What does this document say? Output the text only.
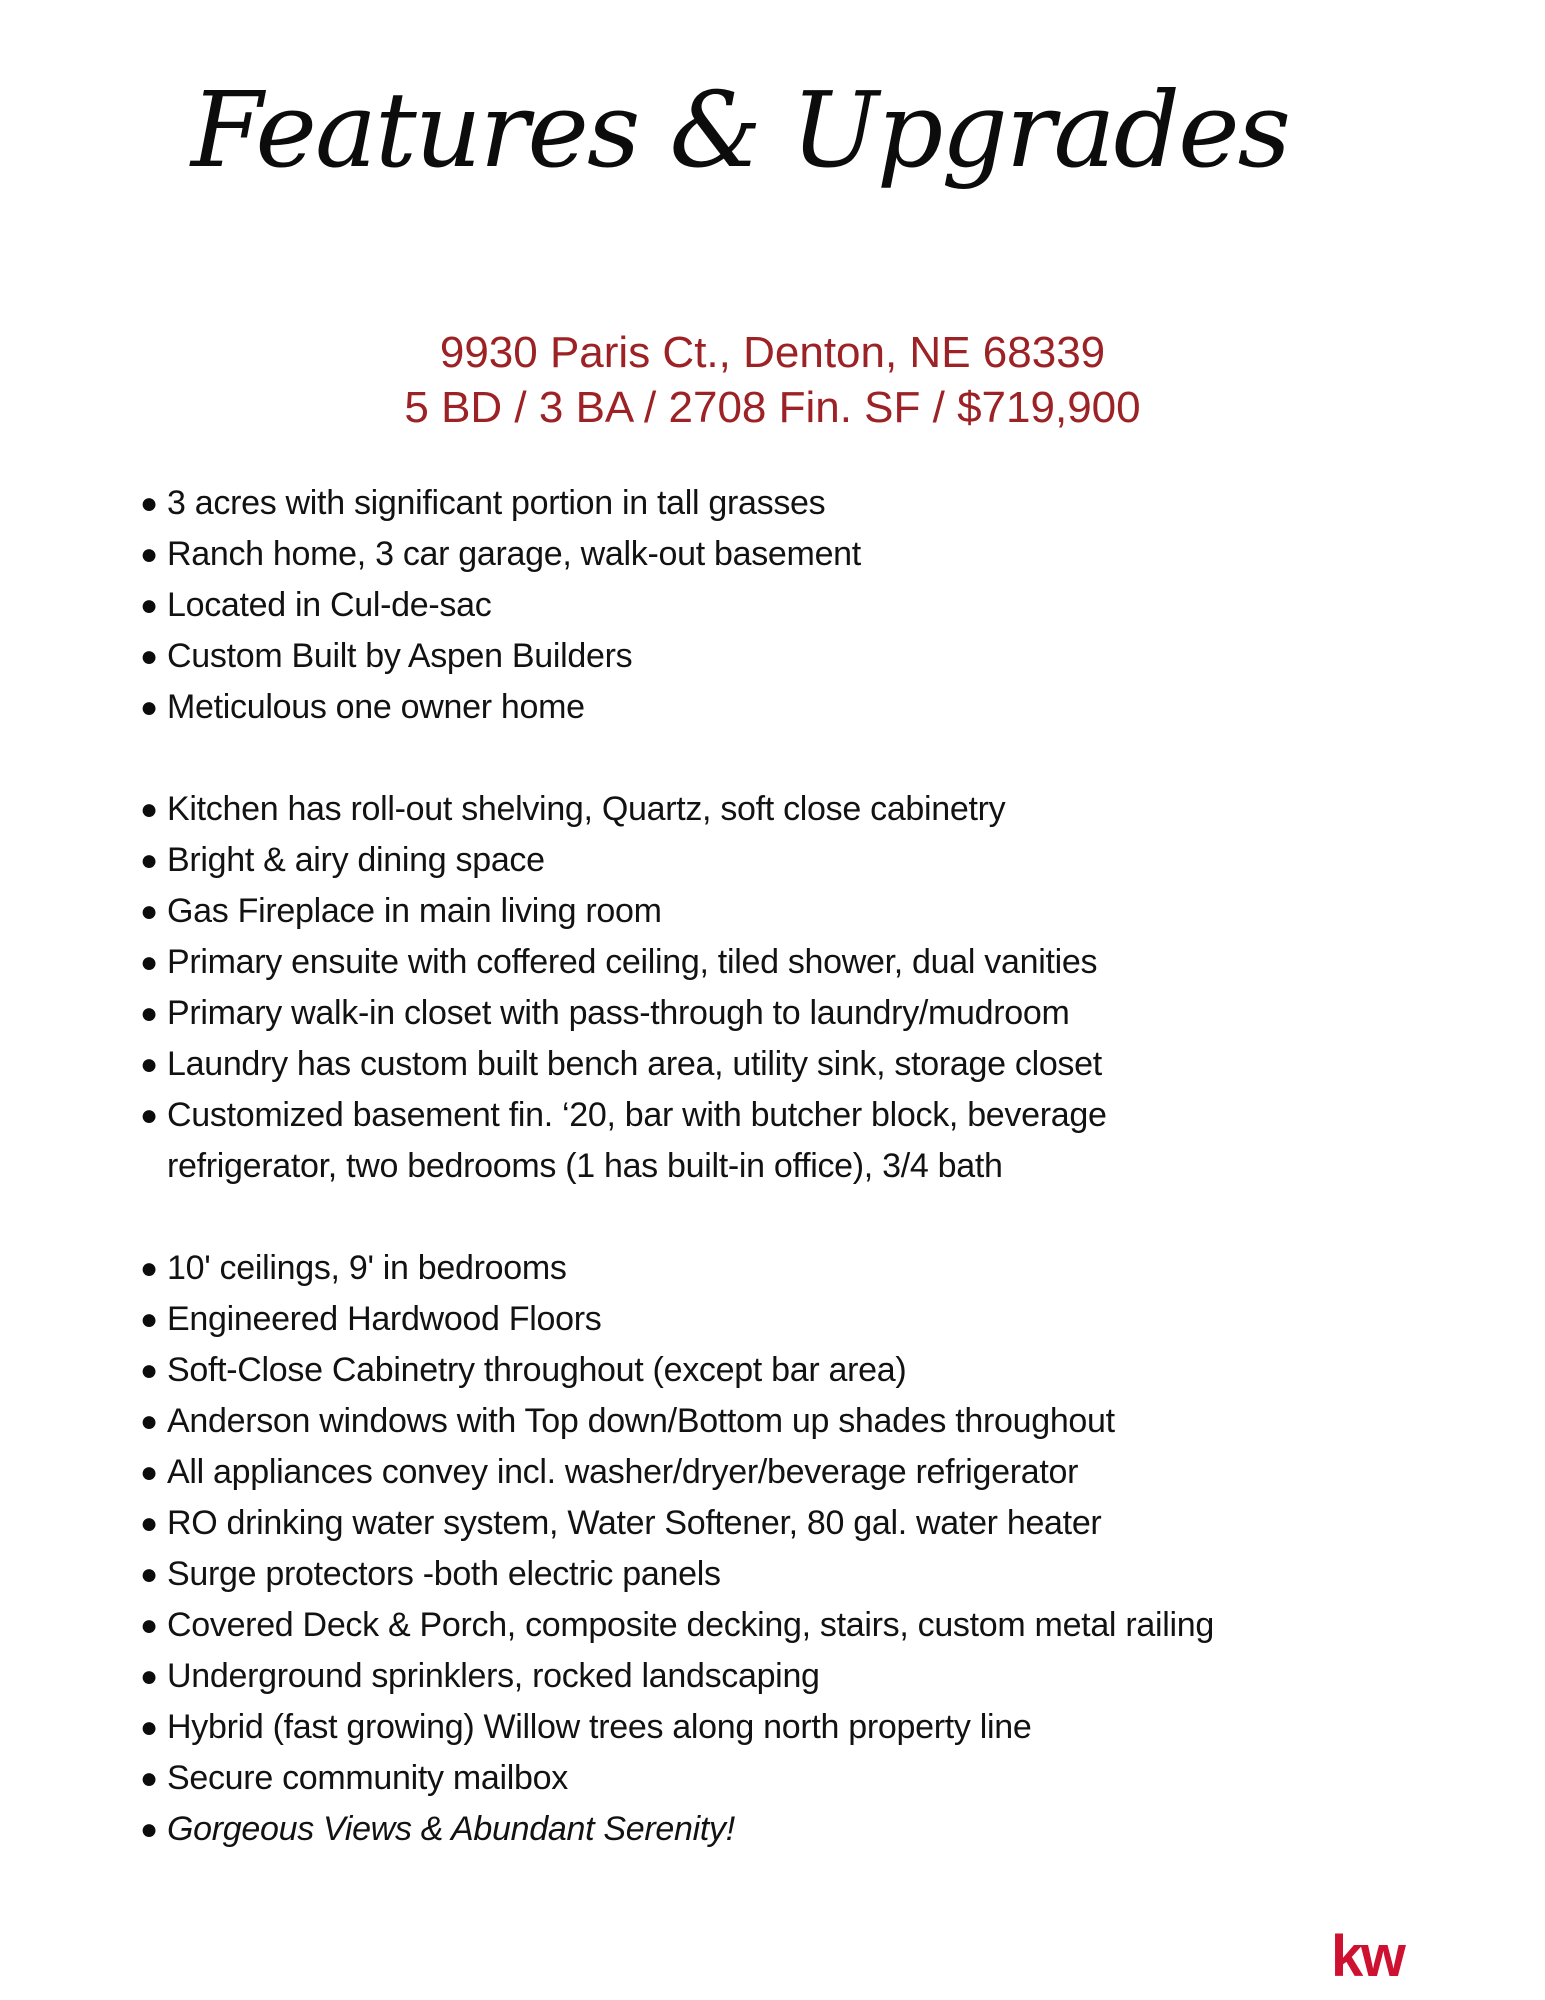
Features & Upgrades
9930 Paris Ct., Denton, NE 68339
5 BD / 3 BA / 2708 Fin. SF / $719,900
● 3 acres with significant portion in tall grasses
● Ranch home, 3 car garage, walk-out basement
● Located in Cul-de-sac
● Custom Built by Aspen Builders
● Meticulous one owner home
● Kitchen has roll-out shelving, Quartz, soft close cabinetry
● Bright & airy dining space
● Gas Fireplace in main living room
● Primary ensuite with coffered ceiling, tiled shower, dual vanities
● Primary walk-in closet with pass-through to laundry/mudroom
● Laundry has custom built bench area, utility sink, storage closet
● Customized basement fin. ‘20, bar with butcher block, beverage
refrigerator, two bedrooms (1 has built-in office), 3/4 bath
● 10' ceilings, 9' in bedrooms
● Engineered Hardwood Floors
● Soft-Close Cabinetry throughout (except bar area)
● Anderson windows with Top down/Bottom up shades throughout
● All appliances convey incl. washer/dryer/beverage refrigerator
● RO drinking water system, Water Softener, 80 gal. water heater
● Surge protectors -both electric panels
● Covered Deck & Porch, composite decking, stairs, custom metal railing
● Underground sprinklers, rocked landscaping
● Hybrid (fast growing) Willow trees along north property line
● Secure community mailbox
● Gorgeous Views & Abundant Serenity!
kw
